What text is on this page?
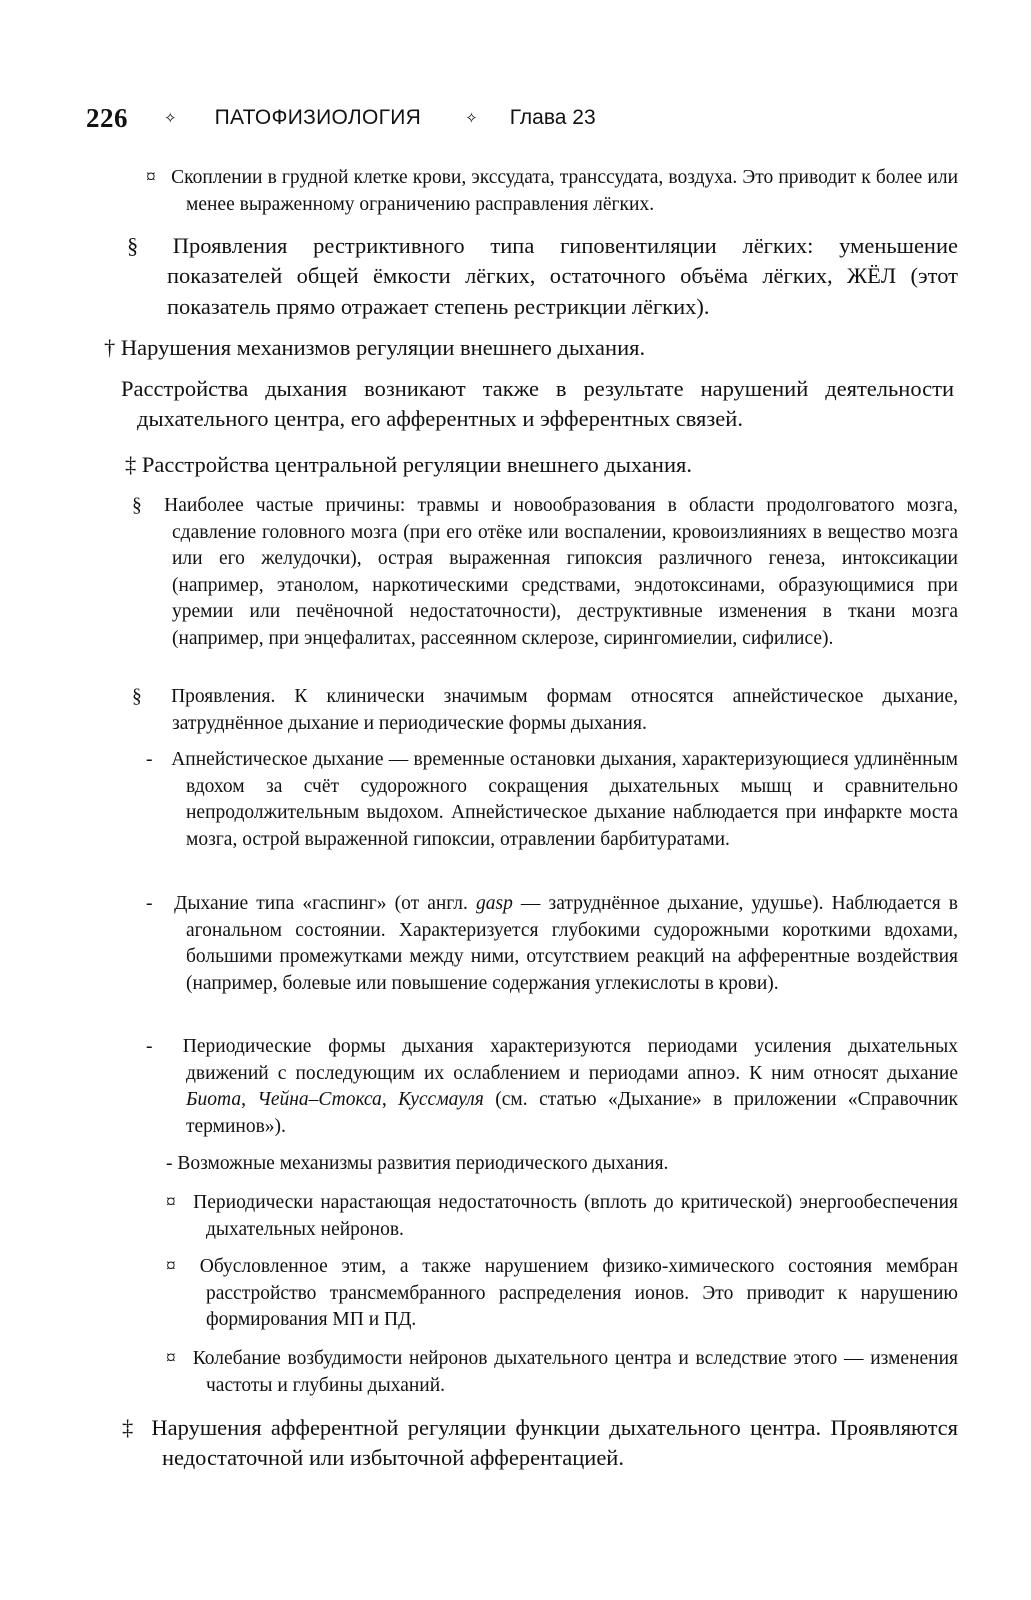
226 ✧ ПАТОФИЗИОЛОГИЯ	✧ Глава 23
¤ Скоплении в грудной клетке крови, экссудата, транссудата, воздуха. Это приводит к более или менее выраженному ограничению расправления лёгких.
§ Проявления рестриктивного типа гиповентиляции лёгких: уменьшение показателей общей ёмкости лёгких, остаточного объёма лёгких, ЖЁЛ (этот показатель прямо отражает степень рестрикции лёгких).
† Нарушения механизмов регуляции внешнего дыхания.
Расстройства дыхания возникают также в результате нарушений деятельности дыхательного центра, его афферентных и эфферентных связей.
‡ Расстройства центральной регуляции внешнего дыхания.
§ Наиболее частые причины: травмы и новообразования в области продолговатого мозга, сдавление головного мозга (при его отёке или воспалении, кровоизлияниях в вещество мозга или его желудочки), острая выраженная гипоксия различного генеза, интоксикации (например, этанолом, наркотическими средствами, эндотоксинами, образующимися при уремии или печёночной недостаточности), деструктивные изменения в ткани мозга (например, при энцефалитах, рассеянном склерозе, сирингомиелии, сифилисе).
§ Проявления. К клинически значимым формам относятся апнейстическое дыхание, затруднённое дыхание и периодические формы дыхания.
- Апнейстическое дыхание — временные остановки дыхания, характеризующиеся удлинённым вдохом за счёт судорожного сокращения дыхательных мышц и сравнительно непродолжительным выдохом. Апнейстическое дыхание наблюдается при инфаркте моста мозга, острой выраженной гипоксии, отравлении барбитуратами.
- Дыхание типа «гаспинг» (от англ. gasp — затруднённое дыхание, удушье). Наблюдается в агональном состоянии. Характеризуется глубокими судорожными короткими вдохами, большими промежутками между ними, отсутствием реакций на афферентные воздействия (например, болевые или повышение содержания углекислоты в крови).
- Периодические формы дыхания характеризуются периодами усиления дыхательных движений с последующим их ослаблением и периодами апноэ. К ним относят дыхание Биота, Чейна–Стокса, Куссмауля (см. статью «Дыхание» в приложении «Справочник терминов»).
- Возможные механизмы развития периодического дыхания.
¤ Периодически нарастающая недостаточность (вплоть до критической) энергообеспечения дыхательных нейронов.
¤ Обусловленное этим, а также нарушением физико-химического состояния мембран расстройство трансмембранного распределения ионов. Это приводит к нарушению формирования МП и ПД.
¤ Колебание возбудимости нейронов дыхательного центра и вследствие этого — изменения частоты и глубины дыханий.
‡ Нарушения афферентной регуляции функции дыхательного центра. Проявляются недостаточной или избыточной афферентацией.
